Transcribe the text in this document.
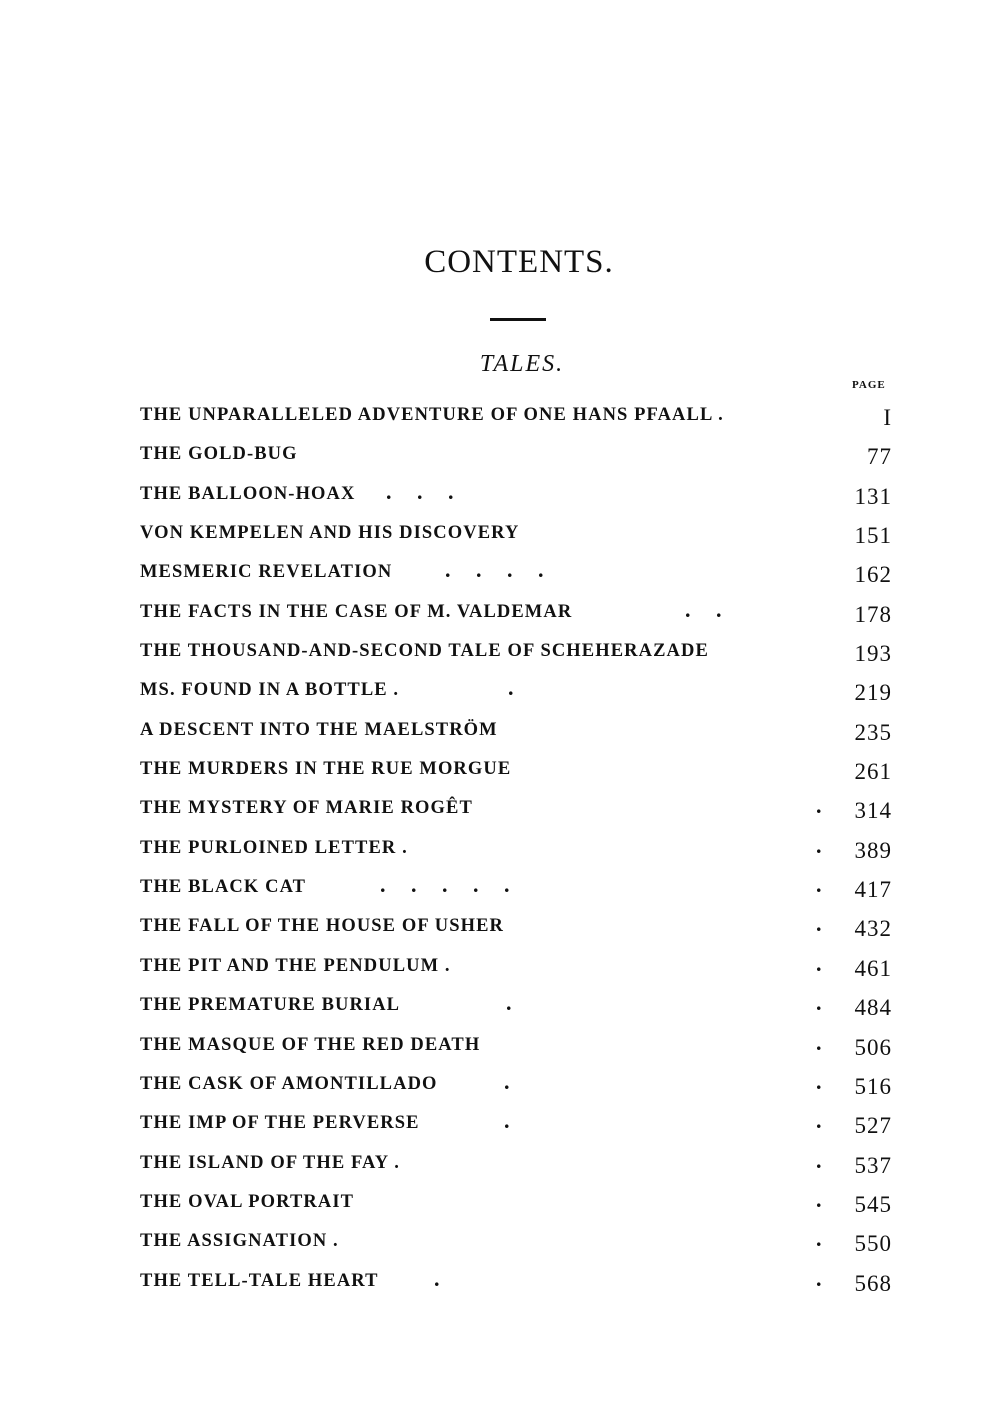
CONTENTS.
TALES.
PAGE
THE UNPARALLELED ADVENTURE OF ONE HANS PFAALL .	I
THE GOLD-BUG	77
THE BALLOON-HOAX . . .	131
VON KEMPELEN AND HIS DISCOVERY	151
MESMERIC REVELATION . . . .	162
THE FACTS IN THE CASE OF M. VALDEMAR	. .	178
THE THOUSAND-AND-SECOND TALE OF SCHEHERAZADE	193
MS. FOUND IN A BOTTLE .	.	219
A DESCENT INTO THE MAELSTRÖM	235
THE MURDERS IN THE RUE MORGUE	261
THE MYSTERY OF MARIE ROGÊT	. 314
THE PURLOINED LETTER .	. 389
THE BLACK CAT	. . . . .	. 417
THE FALL OF THE HOUSE OF USHER	. 432
THE PIT AND THE PENDULUM .	. 461
THE PREMATURE BURIAL	.	. 484
THE MASQUE OF THE RED DEATH	. 506
THE CASK OF AMONTILLADO	.	. 516
THE IMP OF THE PERVERSE	.	. 527
THE ISLAND OF THE FAY .	. 537
THE OVAL PORTRAIT	. 545
THE ASSIGNATION .	. 550
THE TELL-TALE HEART	.	. 568
